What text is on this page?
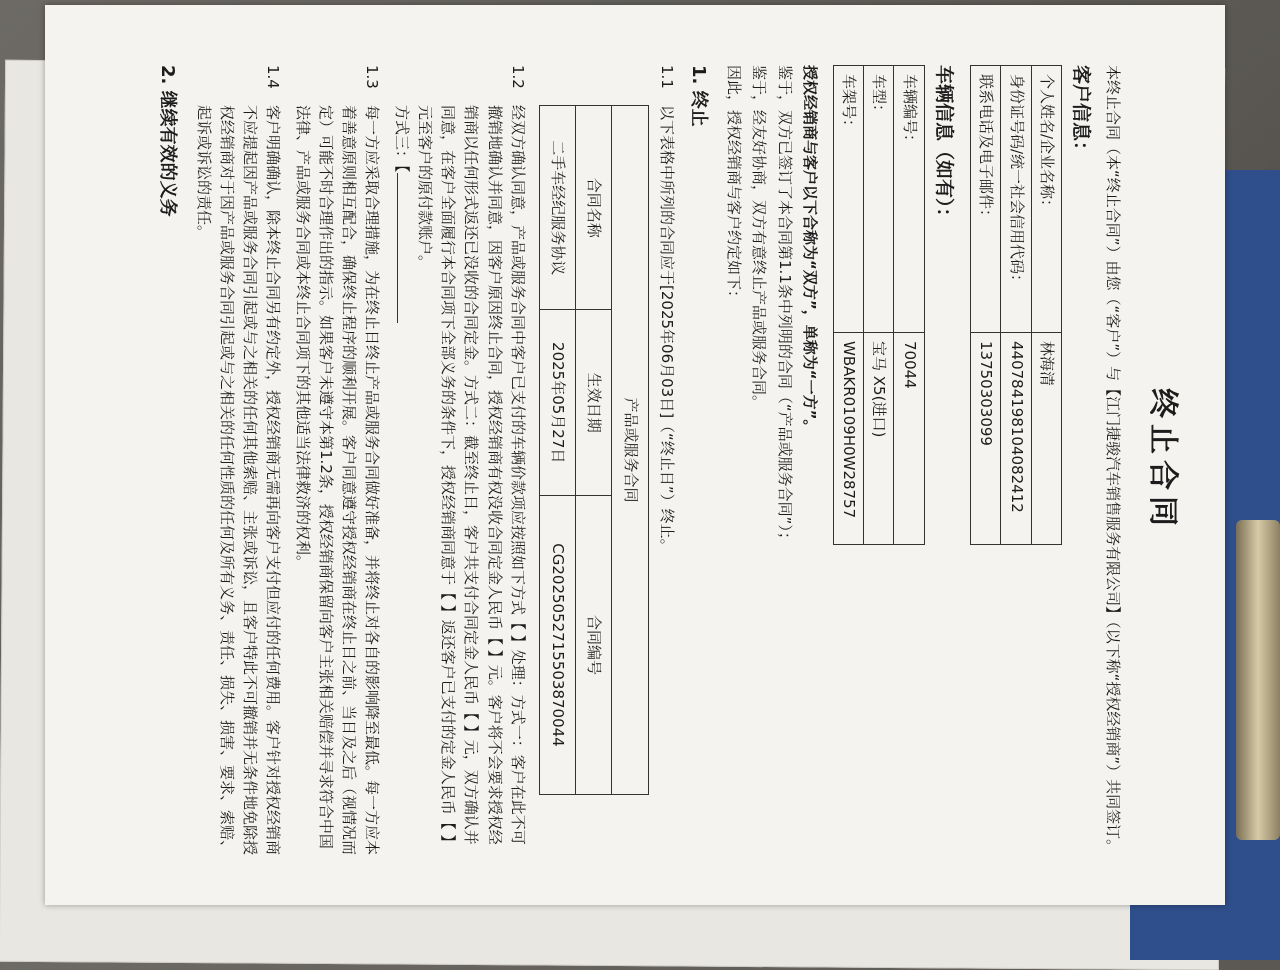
终止合同
本终止合同（本“终止合同”）由您（“客户”）与【江门捷骏汽车销售服务有限公司】（以下称“授权经销商”）共同签订。
客户信息：
个人姓名/企业名称：	林海清
身份证号码/统一社会信用代码：	440784198104082412
联系电话及电子邮件：	13750303099
车辆信息（如有）：
车辆编号：	70044
车型：	宝马 X5(进口)
车架号：	WBAKR0109H0W28757
授权经销商与客户以下合称为“双方”，单称为“一方”。
鉴于，双方已签订了本合同第1.1条中列明的合同（“产品或服务合同”）；
鉴于，经友好协商，双方有意终止产品或服务合同。
因此，授权经销商与客户约定如下：
1. 终止
1.1
以下表格中所列的合同应于[2025年06月03日]（“终止日”）终止。
产品或服务合同		
合同名称	生效日期	合同编号
二手车经纪服务协议	2025年05月27日	CG20250527155038​70044
1.2
经双方确认同意，产品或服务合同中客户已支付的车辆价款项应按照如下方式【 】处理：方式一：客户在此不可撤销地确认并同意，因客户原因终止合同，授权经销商有权没收合同定金人民币【 】元。客户将不会要求授权经销商以任何形式返还已没收的合同定金。方式二：截至终止日，客户共支付合同定金人民币【 】元，双方确认并同意，在客户全面履行本合同项下全部义务的条件下，授权经销商同意于【 】返还客户已支付的定金人民币【 】元至客户的原付款账户。
方式三：【
1.3
每一方应采取合理措施，为在终止日终止产品或服务合同做好准备，并将终止对各自的影响降至最低。每一方应本着善意原则相互配合，确保终止程序的顺利开展。客户同意遵守授权经销商在终止日之前、当日及之后（视情况而定）可能不时合理作出的指示。如果客户未遵守本第1.2条，授权经销商保留向客户主张相关赔偿并寻求符合中国法律、产品或服务合同或本终止合同项下的其他适当法律救济的权利。
1.4
客户明确确认，除本终止合同另有约定外，授权经销商无需再向客户支付但应付的任何费用。客户针对授权经销商不应提起因产品或服务合同引起或与之相关的任何其他索赔、主张或诉讼，且客户特此不可撤销并无条件地免除授权经销商对于因产品或服务合同引起或与之相关的任何性质的任何及所有义务、责任、损失、损害、要求、索赔、起诉或诉讼的责任。
2. 继续有效的义务
